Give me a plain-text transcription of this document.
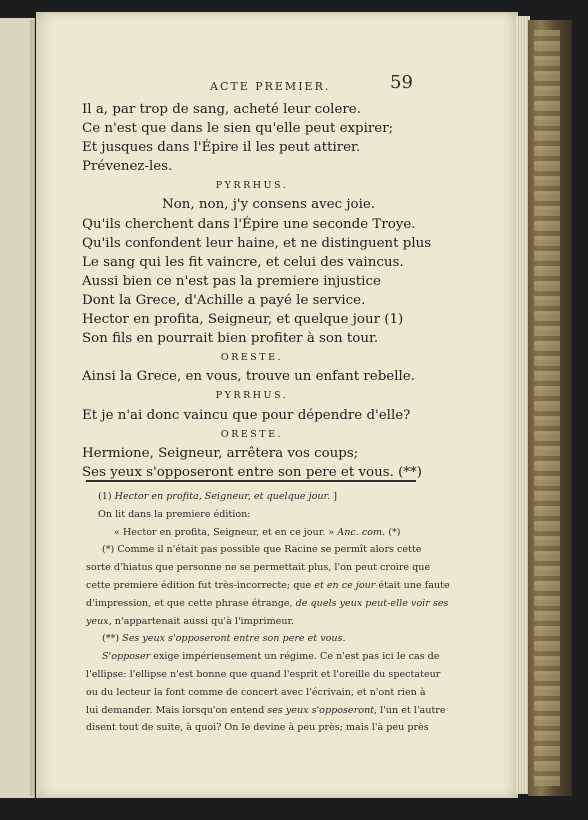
ACTE PREMIER.	59
Il a, par trop de sang, acheté leur colere.
Ce n'est que dans le sien qu'elle peut expirer;
Et jusques dans l'Épire il les peut attirer.
Prévenez-les.
PYRRHUS.
Non, non, j'y consens avec joie.
Qu'ils cherchent dans l'Épire une seconde Troye.
Qu'ils confondent leur haine, et ne distinguent plus
Le sang qui les fit vaincre, et celui des vaincus.
Aussi bien ce n'est pas la premiere injustice
Dont la Grece, d'Achille a payé le service.
Hector en profita, Seigneur, et quelque jour (1)
Son fils en pourrait bien profiter à son tour.
ORESTE.
Ainsi la Grece, en vous, trouve un enfant rebelle.
PYRRHUS.
Et je n'ai donc vaincu que pour dépendre d'elle?
ORESTE.
Hermione, Seigneur, arrêtera vos coups;
Ses yeux s'opposeront entre son pere et vous. (**)
(1) Hector en profita, Seigneur, et quelque jour. ]
On lit dans la premiere édition:
« Hector en profita, Seigneur, et en ce jour. » Anc. com. (*)
(*) Comme il n'était pas possible que Racine se permît alors cette
sorte d'hiatus que personne ne se permettait plus, l'on peut croire que
cette premiere édition fut très-incorrecte; que et en ce jour était une faute
d'impression, et que cette phrase étrange, de quels yeux peut-elle voir ses
yeux, n'appartenait aussi qu'à l'imprimeur.
(**) Ses yeux s'opposeront entre son pere et vous.
S'opposer exige impérieusement un régime. Ce n'est pas ici le cas de
l'ellipse: l'ellipse n'est bonne que quand l'esprit et l'oreille du spectateur
ou du lecteur la font comme de concert avec l'écrivain, et n'ont rien à
lui demander. Mais lorsqu'on entend ses yeux s'opposeront, l'un et l'autre
disent tout de suite, à quoi? On le devine à peu près; mais l'à peu près
